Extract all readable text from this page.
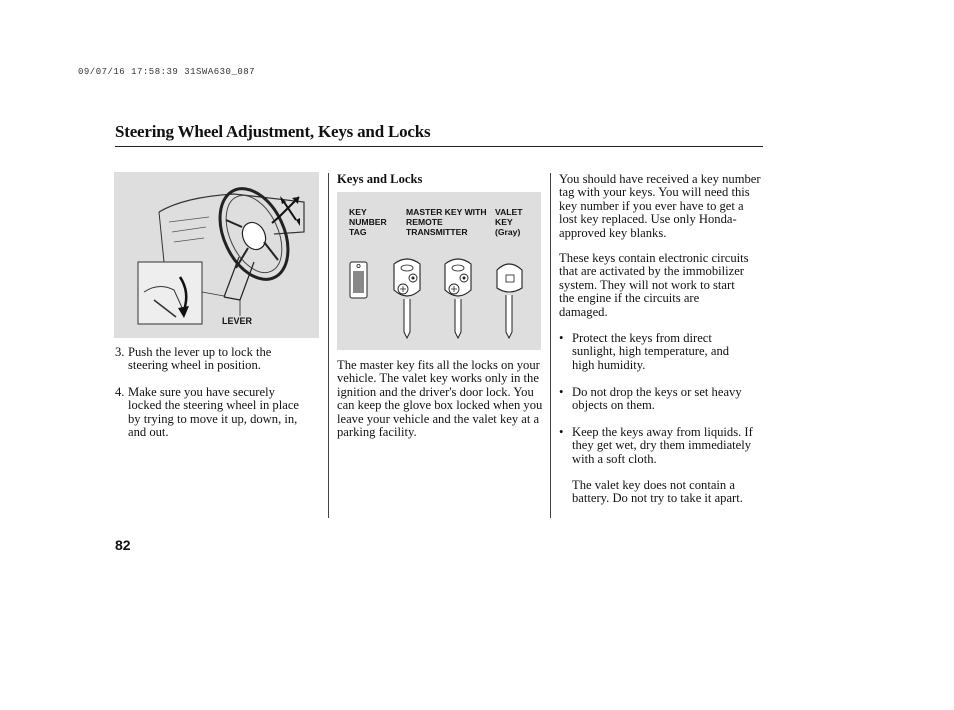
09/07/16 17:58:39 31SWA630_087
Steering Wheel Adjustment, Keys and Locks
LEVER
3. Push the lever up to lock the steering wheel in position.
4. Make sure you have securely locked the steering wheel in place by trying to move it up, down, in, and out.
Keys and Locks
KEY NUMBER TAG
MASTER KEY WITH REMOTE TRANSMITTER
VALET KEY (Gray)
The master key fits all the locks on your vehicle. The valet key works only in the ignition and the driver's door lock. You can keep the glove box locked when you leave your vehicle and the valet key at a parking facility.
You should have received a key number tag with your keys. You will need this key number if you ever have to get a lost key replaced. Use only Honda-approved key blanks.
These keys contain electronic circuits that are activated by the immobilizer system. They will not work to start the engine if the circuits are damaged.
• Protect the keys from direct sunlight, high temperature, and high humidity.
• Do not drop the keys or set heavy objects on them.
• Keep the keys away from liquids. If they get wet, dry them immediately with a soft cloth.
The valet key does not contain a battery. Do not try to take it apart.
82
